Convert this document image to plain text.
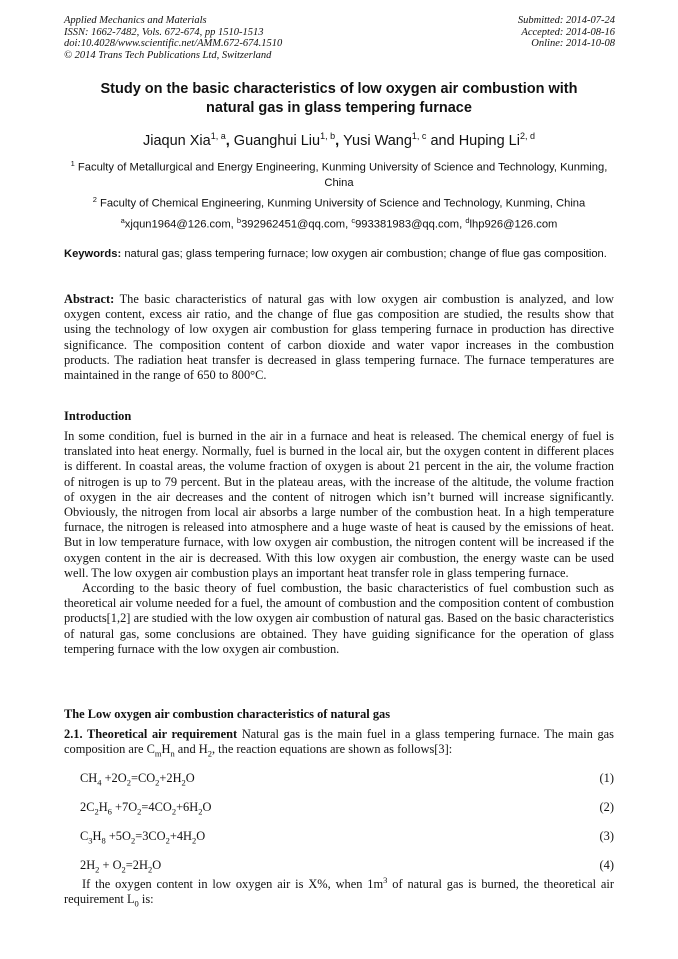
Applied Mechanics and Materials
ISSN: 1662-7482, Vols. 672-674, pp 1510-1513
doi:10.4028/www.scientific.net/AMM.672-674.1510
© 2014 Trans Tech Publications Ltd, Switzerland
Submitted: 2014-07-24
Accepted: 2014-08-16
Online: 2014-10-08
Study on the basic characteristics of low oxygen air combustion with
natural gas in glass tempering furnace
Jiaqun Xia$^{1, a}$, Guanghui Liu$^{1, b}$, Yusi Wang$^{1, c}$ and Huping Li$^{2, d}$
$^1$ Faculty of Metallurgical and Energy Engineering, Kunming University of Science and Technology, Kunming, China
$^2$ Faculty of Chemical Engineering, Kunming University of Science and Technology, Kunming, China
$^a$xjqun1964@126.com, $^b$392962451@qq.com, $^c$993381983@qq.com, $^d$lhp926@126.com
Keywords: natural gas; glass tempering furnace; low oxygen air combustion; change of flue gas composition.

Abstract: The basic characteristics of natural gas with low oxygen air combustion is analyzed, and low oxygen content, excess air ratio, and the change of flue gas composition are studied, the results show that using the technology of low oxygen air combustion for glass tempering furnace in production has directive significance. The composition content of carbon dioxide and water vapor increases in the combustion products. The radiation heat transfer is decreased in glass tempering furnace. The furnace temperatures are maintained in the range of 650 to 800°C.

Introduction

In some condition, fuel is burned in the air in a furnace and heat is released. The chemical energy of fuel is translated into heat energy. Normally, fuel is burned in the local air, but the oxygen content in different places is different. In coastal areas, the volume fraction of oxygen is about 21 percent in the air, the volume fraction of nitrogen is up to 79 percent. But in the plateau areas, with the increase of the altitude, the volume fraction of oxygen in the air decreases and the content of nitrogen which isn’t burned will increase significantly. Obviously, the nitrogen from local air absorbs a large number of the combustion heat. In a high temperature furnace, the nitrogen is released into atmosphere and a huge waste of heat is caused by the emissions of heat. But in low temperature furnace, with low oxygen air combustion, the nitrogen content will be increased if the oxygen content in the air is decreased. With this low oxygen air combustion, the energy waste can be used well. The low oxygen air combustion plays an important heat transfer role in glass tempering furnace.

According to the basic theory of fuel combustion, the basic characteristics of fuel combustion such as theoretical air volume needed for a fuel, the amount of combustion and the composition content of combustion products[1,2] are studied with the low oxygen air combustion of natural gas. Based on the basic characteristics of natural gas, some conclusions are obtained. They have guiding significance for the operation of glass tempering furnace with the low oxygen air combustion.

The Low oxygen air combustion characteristics of natural gas

2.1. Theoretical air requirement Natural gas is the main fuel in a glass tempering furnace. The main gas composition are $C_mH_n$ and $H_2$, the reaction equations are shown as follows[3]:

$CH_4 +2O_2=CO_2+2H_2O$	(1)
$2C_2H_6 +7O_2=4CO_2+6H_2O$	(2)
$C_3H_8 +5O_2=3CO_2+4H_2O$	(3)
$2H_2 + O_2=2H_2O$	(4)

If the oxygen content in low oxygen air is X%, when $1m^3$ of natural gas is burned, the theoretical air requirement $L_0$ is:
